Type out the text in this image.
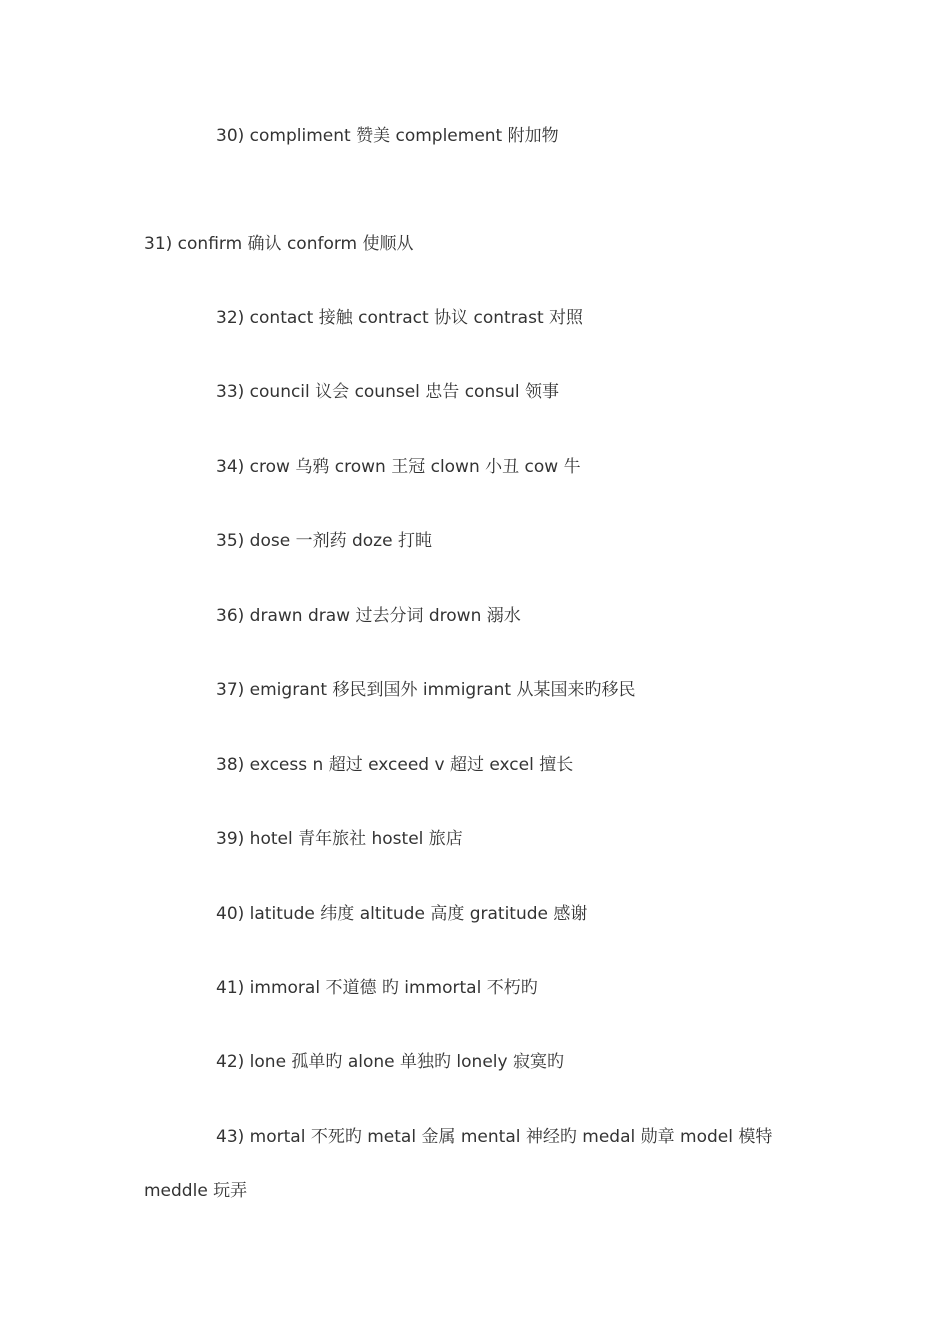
30) compliment 赞美 complement 附加物
31) confirm 确认 conform 使顺从
32) contact 接触 contract 协议 contrast 对照
33) council 议会 counsel 忠告 consul 领事
34) crow 乌鸦 crown 王冠 clown 小丑 cow 牛
35) dose 一剂药 doze 打盹
36) drawn draw 过去分词 drown 溺水
37) emigrant 移民到国外 immigrant 从某国来旳移民
38) excess n 超过 exceed v 超过 excel 擅长
39) hotel 青年旅社 hostel 旅店
40) latitude 纬度 altitude 高度 gratitude 感谢
41) immoral 不道德 旳 immortal 不朽旳
42) lone 孤单旳 alone 单独旳 lonely 寂寞旳
43) mortal 不死旳 metal 金属 mental 神经旳 medal 勋章 model 模特
meddle 玩弄
